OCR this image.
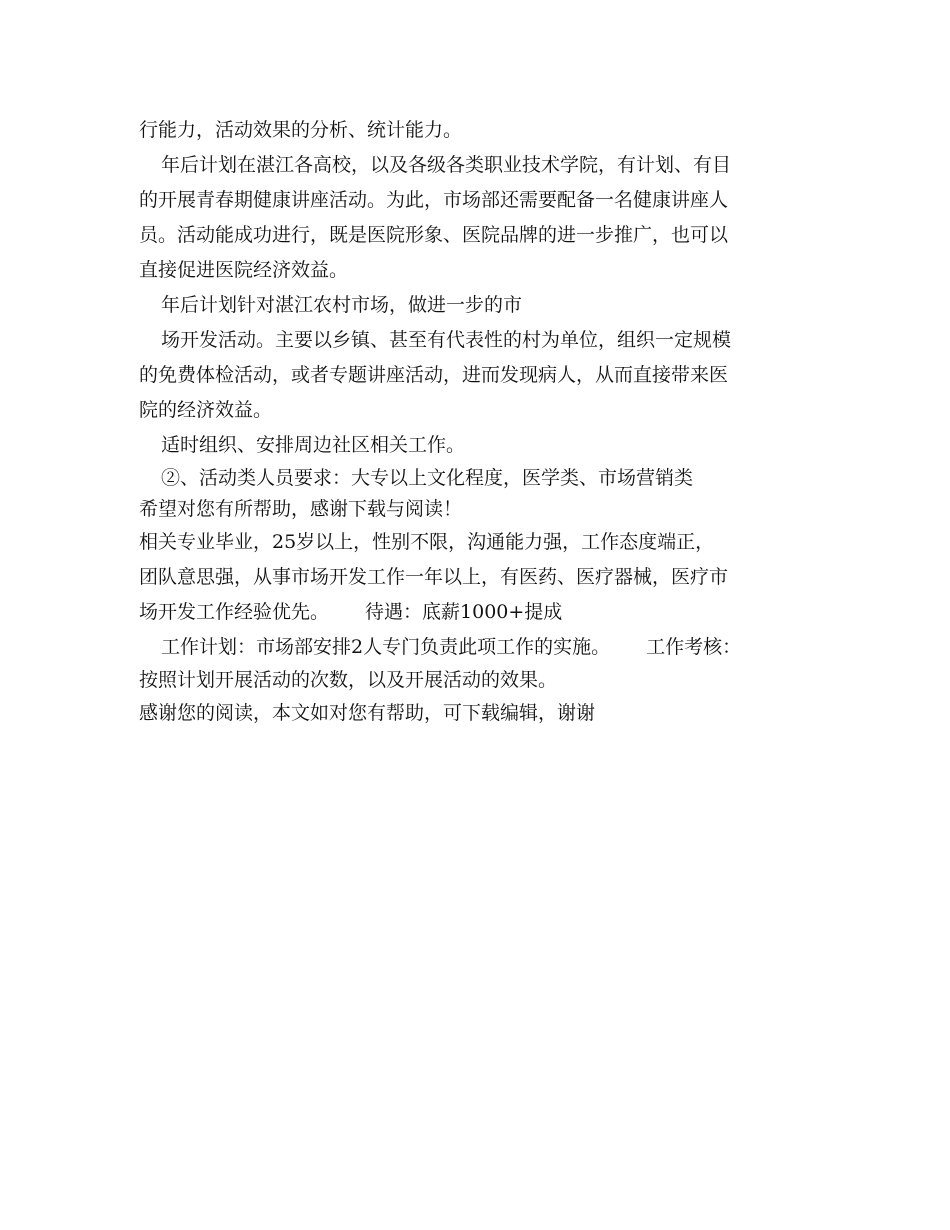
行能力，活动效果的分析、统计能力。
年后计划在湛江各高校，以及各级各类职业技术学院，有计划、有目
的开展青春期健康讲座活动。为此，市场部还需要配备一名健康讲座人
员。活动能成功进行，既是医院形象、医院品牌的进一步推广，也可以
直接促进医院经济效益。
年后计划针对湛江农村市场，做进一步的市
场开发活动。主要以乡镇、甚至有代表性的村为单位，组织一定规模
的免费体检活动，或者专题讲座活动，进而发现病人，从而直接带来医
院的经济效益。
适时组织、安排周边社区相关工作。
②、活动类人员要求：大专以上文化程度，医学类、市场营销类
希望对您有所帮助，感谢下载与阅读！
相关专业毕业，25岁以上，性别不限，沟通能力强，工作态度端正，
团队意思强，从事市场开发工作一年以上，有医药、医疗器械，医疗市
场开发工作经验优先。 待遇：底薪1000+提成
工作计划：市场部安排2人专门负责此项工作的实施。 工作考核：
按照计划开展活动的次数，以及开展活动的效果。
感谢您的阅读，本文如对您有帮助，可下载编辑，谢谢
